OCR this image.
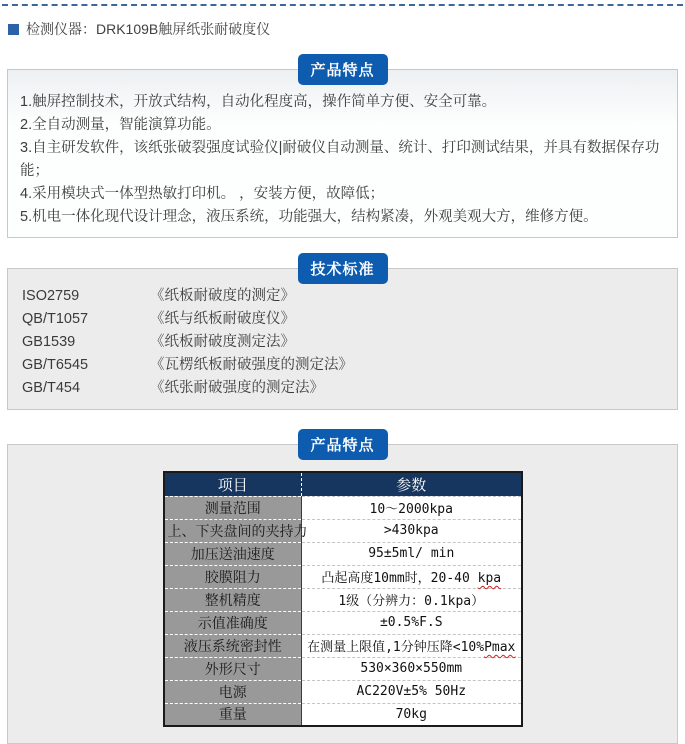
检测仪器：DRK109B触屏纸张耐破度仪
产品特点

1.触屏控制技术，开放式结构，自动化程度高，操作简单方便、安全可靠。

2.全自动测量，智能演算功能。

3.自主研发软件，该纸张破裂强度试验仪|耐破仪自动测量、统计、打印测试结果，并具有数据保存功能；

4.采用模块式一体型热敏打印机。 ，安装方便，故障低；

5.机电一体化现代设计理念，液压系统，功能强大，结构紧凑，外观美观大方，维修方便。

技术标准
ISO2759	《纸板耐破度的测定》
QB/T1057	《纸与纸板耐破度仪》
GB1539	《纸板耐破度测定法》
GB/T6545	《瓦楞纸板耐破强度的测定法》
GB/T454	《纸张耐破强度的测定法》
产品特点
项目	参数
测量范围	10～2000kpa
上、下夹盘间的夹持力	>430kpa
加压送油速度	95±5ml/ min
胶膜阻力	凸起高度10mm时，20-40 kpa
整机精度	1级（分辨力：0.1kpa）
示值准确度	±0.5%F.S
液压系统密封性	在测量上限值,1分钟压降<10%Pmax
外形尺寸	530×360×550mm
电源	AC220V±5% 50Hz
重量	70kg
